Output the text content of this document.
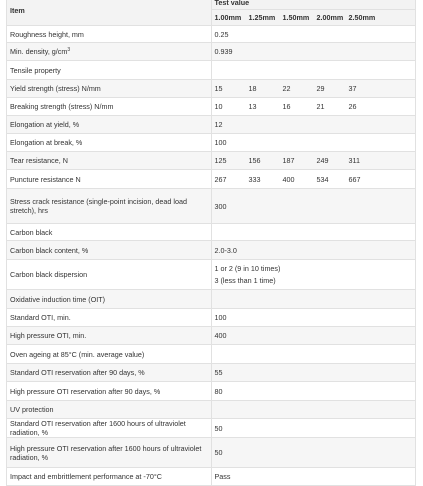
Item	Test value

	1.00mm 1.25mm 1.50mm 2.00mm 2.50mm

Roughness height, mm	0.25

Min. density, $g/cm^3$	0.939

Tensile property	
Yield strength (stress) N/mm	15 18 22 29 37

Breaking strength (stress) N/mm	10 13 16 21 26

Elongation at yield, %	12

Elongation at break, %	100

Tear resistance, N	125 156 187 249 311

Puncture resistance N	267 333 400 534 667

Stress crack resistance (single-point incision, dead load stretch), hrs	300

Carbon black	
Carbon black content, %	2.0-3.0

Carbon black dispersion	1 or 2 (9 in 10 times)
3 (less than 1 time)

Oxidative induction time (OIT)	
Standard OTI, min.	100

High pressure OTI, min.	400

Oven ageing at 85°C (min. average value)	
Standard OTI reservation after 90 days, %	55

High pressure OTI reservation after 90 days, %	80

UV protection	
Standard OTI reservation after 1600 hours of ultraviolet radiation, %	50

High pressure OTI reservation after 1600 hours of ultraviolet radiation, %	50

Impact and embrittlement performance at -70°C	Pass
